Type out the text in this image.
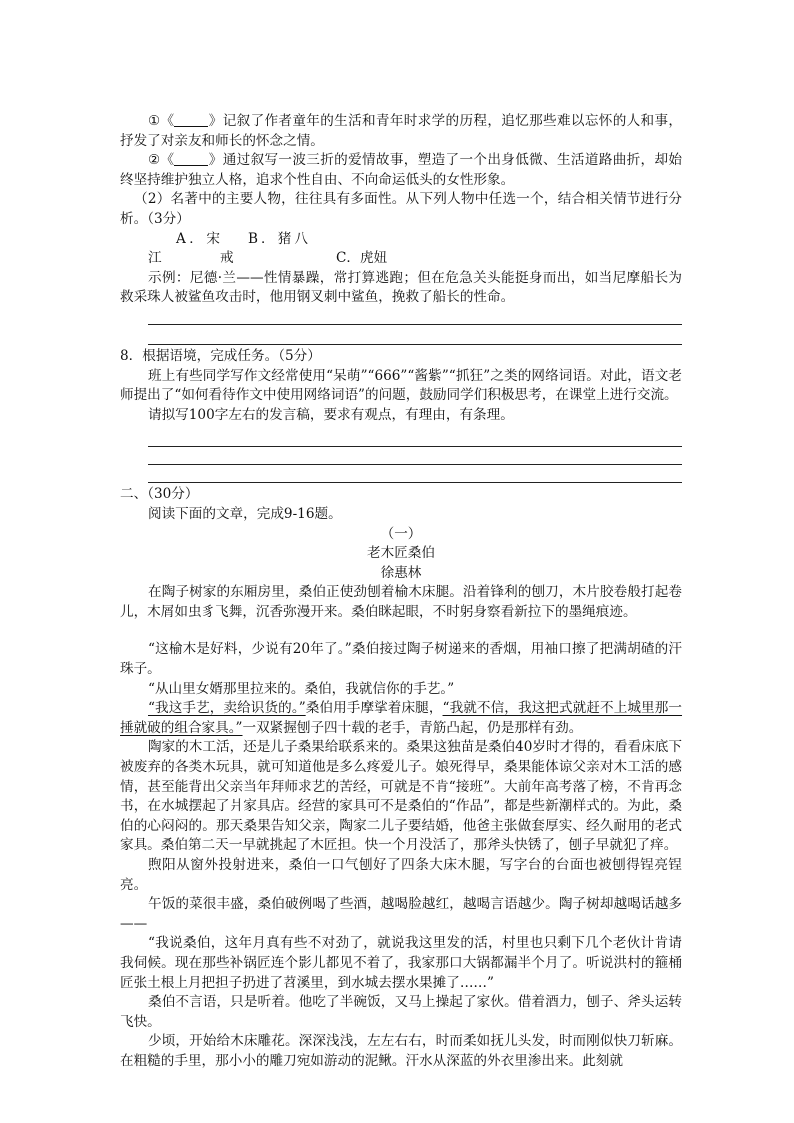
①《	》记叙了作者童年的生活和青年时求学的历程，追忆那些难以忘怀的人和事，抒发了对亲友和师长的怀念之情。

②《	》通过叙写一波三折的爱情故事，塑造了一个出身低微、生活道路曲折，却始终坚持维护独立人格，追求个性自由、不向命运低头的女性形象。

（2）名著中的主要人物，往往具有多面性。从下列人物中任选一个，结合相关情节进行分析。（3分）

A．宋江B．猪八戒	C．虎妞

示例：尼德·兰——性情暴躁，常打算逃跑；但在危急关头能挺身而出，如当尼摩船长为救采珠人被鲨鱼攻击时，他用钢叉刺中鲨鱼，挽救了船长的性命。

8．根据语境，完成任务。（5分）

班上有些同学写作文经常使用“呆萌”“666”“酱紫”“抓狂”之类的网络词语。对此，语文老师提出了“如何看待作文中使用网络词语”的问题，鼓励同学们积极思考，在课堂上进行交流。

请拟写100字左右的发言稿，要求有观点，有理由，有条理。

二、（30分）

阅读下面的文章，完成9-16题。

（一）

老木匠桑伯

徐惠林

在陶子树家的东厢房里，桑伯正使劲刨着榆木床腿。沿着锋利的刨刀，木片胶卷般打起卷儿，木屑如虫豸飞舞，沉香弥漫开来。桑伯眯起眼，不时躬身察看新拉下的墨绳痕迹。

“这榆木是好料，少说有20年了。”桑伯接过陶子树递来的香烟，用袖口擦了把满胡碴的汗珠子。

“从山里女婿那里拉来的。桑伯，我就信你的手艺。”

“我这手艺，卖给识货的。”桑伯用手摩挲着床腿，“我就不信，我这把式就赶不上城里那一捶就破的组合家具。”一双紧握刨子四十载的老手，青筋凸起，仍是那样有劲。

陶家的木工活，还是儿子桑果给联系来的。桑果这独苗是桑伯40岁时才得的，看看床底下被废弃的各类木玩具，就可知道他是多么疼爱儿子。娘死得早，桑果能体谅父亲对木工活的感情，甚至能背出父亲当年拜师求艺的苦经，可就是不肯“接班”。大前年高考落了榜，不肯再念书，在水城摆起了爿家具店。经营的家具可不是桑伯的“作品”，都是些新潮样式的。为此，桑伯的心闷闷的。那天桑果告知父亲，陶家二儿子要结婚，他爸主张做套厚实、经久耐用的老式家具。桑伯第二天一早就挑起了木匠担。快一个月没活了，那斧头快锈了，刨子早就犯了痒。

煦阳从窗外投射进来，桑伯一口气刨好了四条大床木腿，写字台的台面也被刨得锃亮锃亮。

午饭的菜很丰盛，桑伯破例喝了些酒，越喝脸越红，越喝言语越少。陶子树却越喝话越多——

“我说桑伯，这年月真有些不对劲了，就说我这里发的活，村里也只剩下几个老伙计肯请我伺候。现在那些补锅匠连个影儿都见不着了，我家那口大锅都漏半个月了。听说洪村的箍桶匠张土根上月把担子扔进了苕溪里，到水城去摆水果摊了……”

桑伯不言语，只是听着。他吃了半碗饭，又马上操起了家伙。借着酒力，刨子、斧头运转飞快。

少顷，开始给木床雕花。深深浅浅，左左右右，时而柔如抚儿头发，时而刚似快刀斩麻。在粗糙的手里，那小小的雕刀宛如游动的泥鳅。汗水从深蓝的外衣里渗出来。此刻就
